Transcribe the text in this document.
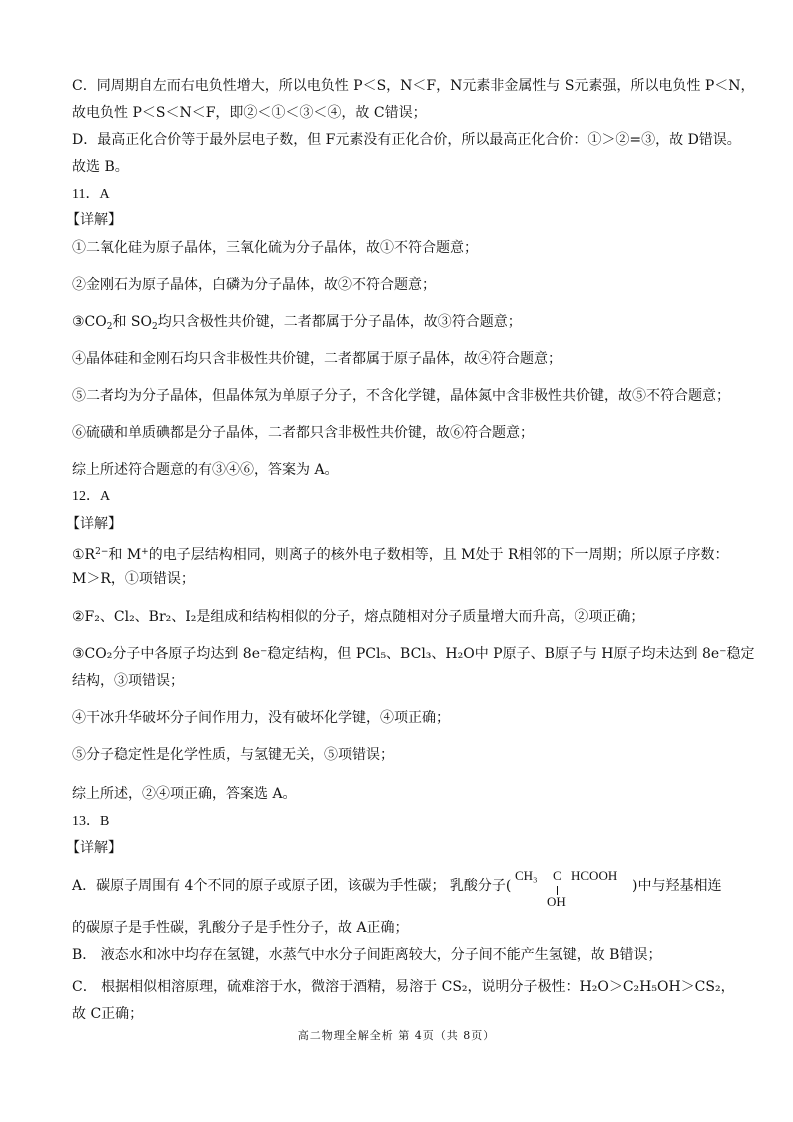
C．同周期自左而右电负性增大，所以电负性 P＜S，N＜F，N元素非金属性与 S元素强，所以电负性 P＜N，
故电负性 P＜S＜N＜F，即②＜①＜③＜④，故 C错误；
D．最高正化合价等于最外层电子数，但 F元素没有正化合价，所以最高正化合价：①＞②=③，故 D错误。
故选 B。
11．A
【详解】
①二氧化硅为原子晶体，三氧化硫为分子晶体，故①不符合题意；
②金刚石为原子晶体，白磷为分子晶体，故②不符合题意；
$③CO_2$和 $SO_2$均只含极性共价键，二者都属于分子晶体，故③符合题意；
④晶体硅和金刚石均只含非极性共价键，二者都属于原子晶体，故④符合题意；
⑤二者均为分子晶体，但晶体氖为单原子分子，不含化学键，晶体氮中含非极性共价键，故⑤不符合题意；
⑥硫磺和单质碘都是分子晶体，二者都只含非极性共价键，故⑥符合题意；
综上所述符合题意的有③④⑥，答案为 A。
12．A
【详解】
$①R^{2-}$和 M+的电子层结构相同，则离子的核外电子数相等，且 M处于 R相邻的下一周期；所以原子序数：
M＞R，①项错误；
②F₂、Cl₂、Br₂、I₂是组成和结构相似的分子，熔点随相对分子质量增大而升高，②项正确；
③CO₂分子中各原子均达到 8e⁻稳定结构，但 PCl₅、BCl₃、H₂O中 P原子、B原子与 H原子均未达到 8e⁻稳定
结构，③项错误；
④干冰升华破坏分子间作用力，没有破坏化学键，④项正确；
⑤分子稳定性是化学性质，与氢键无关，⑤项错误；
综上所述，②④项正确，答案选 A。
13．B
【详解】
A．碳原子周围有 4个不同的原子或原子团，该碳为手性碳； 乳酸分子(
CH₃ C HCOOH
OH
)中与羟基相连
的碳原子是手性碳，乳酸分子是手性分子，故 A正确；
B． 液态水和冰中均存在氢键，水蒸气中水分子间距离较大，分子间不能产生氢键，故 B错误；
C． 根据相似相溶原理，硫难溶于水，微溶于酒精，易溶于 CS₂，说明分子极性：H₂O＞C₂H₅OH＞CS₂，
故 C正确；
高二物理全解全析 第 4页（共 8页）
